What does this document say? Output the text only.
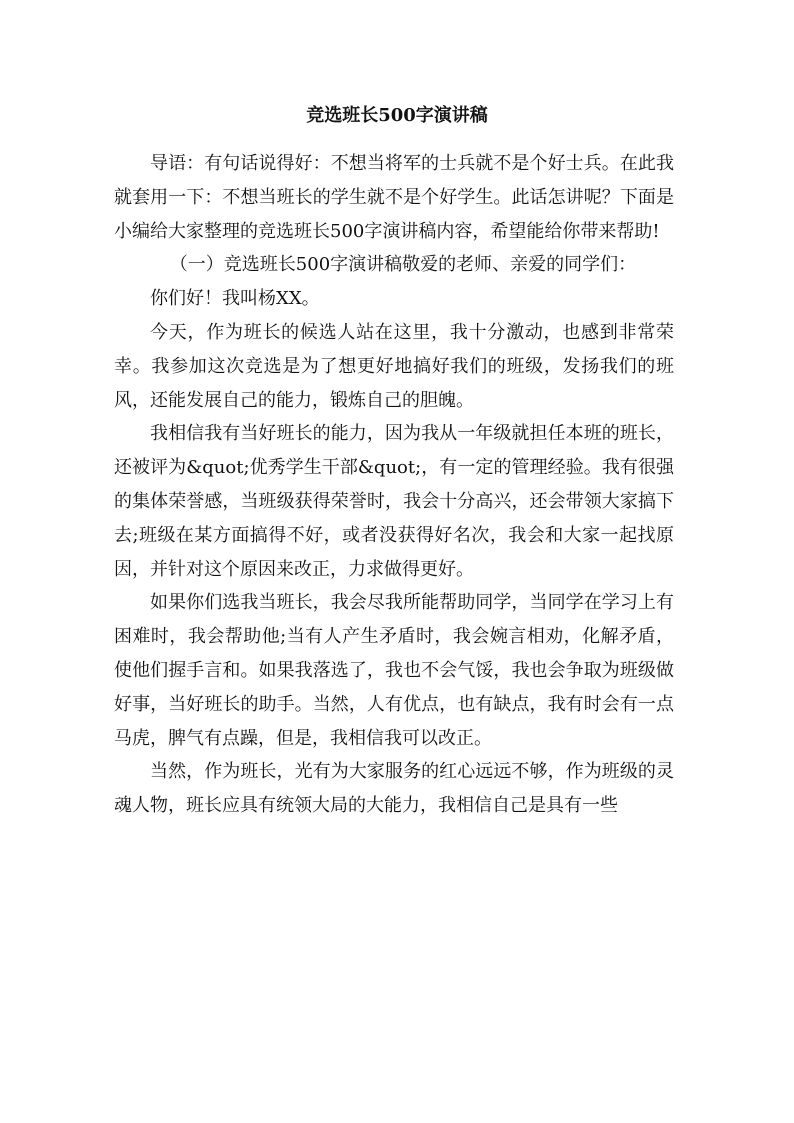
竞选班长500字演讲稿

导语：有句话说得好：不想当将军的士兵就不是个好士兵。在此我就套用一下：不想当班长的学生就不是个好学生。此话怎讲呢？下面是小编给大家整理的竞选班长500字演讲稿内容，希望能给你带来帮助!

（一）竞选班长500字演讲稿敬爱的老师、亲爱的同学们：

你们好！我叫杨XX。

今天，作为班长的候选人站在这里，我十分激动，也感到非常荣幸。我参加这次竞选是为了想更好地搞好我们的班级，发扬我们的班风，还能发展自己的能力，锻炼自己的胆魄。

我相信我有当好班长的能力，因为我从一年级就担任本班的班长，还被评为&quot;优秀学生干部&quot;，有一定的管理经验。我有很强的集体荣誉感，当班级获得荣誉时，我会十分高兴，还会带领大家搞下去;班级在某方面搞得不好，或者没获得好名次，我会和大家一起找原因，并针对这个原因来改正，力求做得更好。

如果你们选我当班长，我会尽我所能帮助同学，当同学在学习上有困难时，我会帮助他;当有人产生矛盾时，我会婉言相劝，化解矛盾，使他们握手言和。如果我落选了，我也不会气馁，我也会争取为班级做好事，当好班长的助手。当然，人有优点，也有缺点，我有时会有一点马虎，脾气有点躁，但是，我相信我可以改正。

当然，作为班长，光有为大家服务的红心远远不够，作为班级的灵魂人物，班长应具有统领大局的大能力，我相信自己是具有一些
